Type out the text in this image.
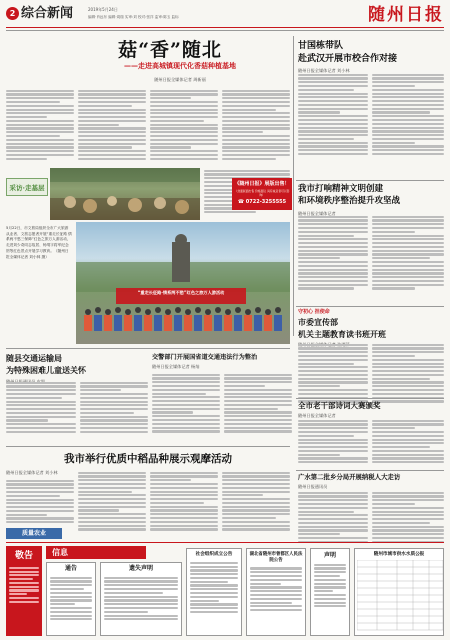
2 综合新闻	2019年5月24日
编辑·肖远东 编辑·周瑞 实审:刘 校对:张洋 监审:陈玉 监标	随州日报
菇“香”随北
——走进高城镇现代化香菇种植基地
随州日报全媒体记者 周新丽
采访·走基层
甘国栋带队
赴武汉开展市校合作对接
随州日报全媒体记者 刘小林
《随州日报》展版出售！
（封面版面出售 价格面议 具有诚意者可以咨询）
☎ 0722-3255555
我市打响精神文明创建
和环境秩序整治提升攻坚战
随州日报全媒体记者
5月22日，市文旅局组织全市广大旅游从业者、文旅志愿者开展“重走长征路 情系两不愁三保障”红色之旅万人游活动，走进刘少奇同志故居、杨靖宇将军纪念馆等红色景点开展学习教育。（随州日报全媒体记者 刘小林 摄）
“重走长征路·情系两不愁”红色之旅万人游活动
守初心 担使命
市委宣传部
机关主题教育读书班开班
随县交通运输局
为特殊困难儿童送关怀
交警部门开展国省道交通违法行为整治
随州日报全媒体记者 杨灿
全市老干部诗词大赛颁奖
随州日报全媒体记者
广水第二批乡分局开展纳税人大走访
随州日报通讯员
我市举行优质中稻品种展示观摩活动
随州日报全媒体记者 刘小林
质量农业
敬告	信息
通告	遗失声明
社会组织成立公告	湖北省随州市曾都区人民法院公告
声明	随州市城市供水水质公报
